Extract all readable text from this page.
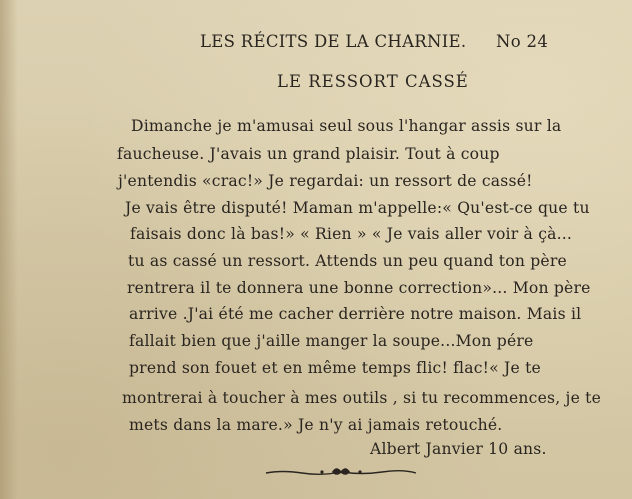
LES RÉCITS DE LA CHARNIE. No 24
LE RESSORT CASSÉ
Dimanche je m'amusai seul sous l'hangar assis sur la
faucheuse. J'avais un grand plaisir. Tout à coup
j'entendis «crac!» Je regardai: un ressort de cassé!
Je vais être disputé! Maman m'appelle:« Qu'est-ce que tu
faisais donc là bas!» « Rien » « Je vais aller voir à çà...
tu as cassé un ressort. Attends un peu quand ton père
rentrera il te donnera une bonne correction»... Mon père
arrive .J'ai été me cacher derrière notre maison. Mais il
fallait bien que j'aille manger la soupe...Mon pére
prend son fouet et en même temps flic! flac!« Je te
montrerai à toucher à mes outils , si tu recommences, je te
mets dans la mare.» Je n'y ai jamais retouché.
Albert Janvier 10 ans.
